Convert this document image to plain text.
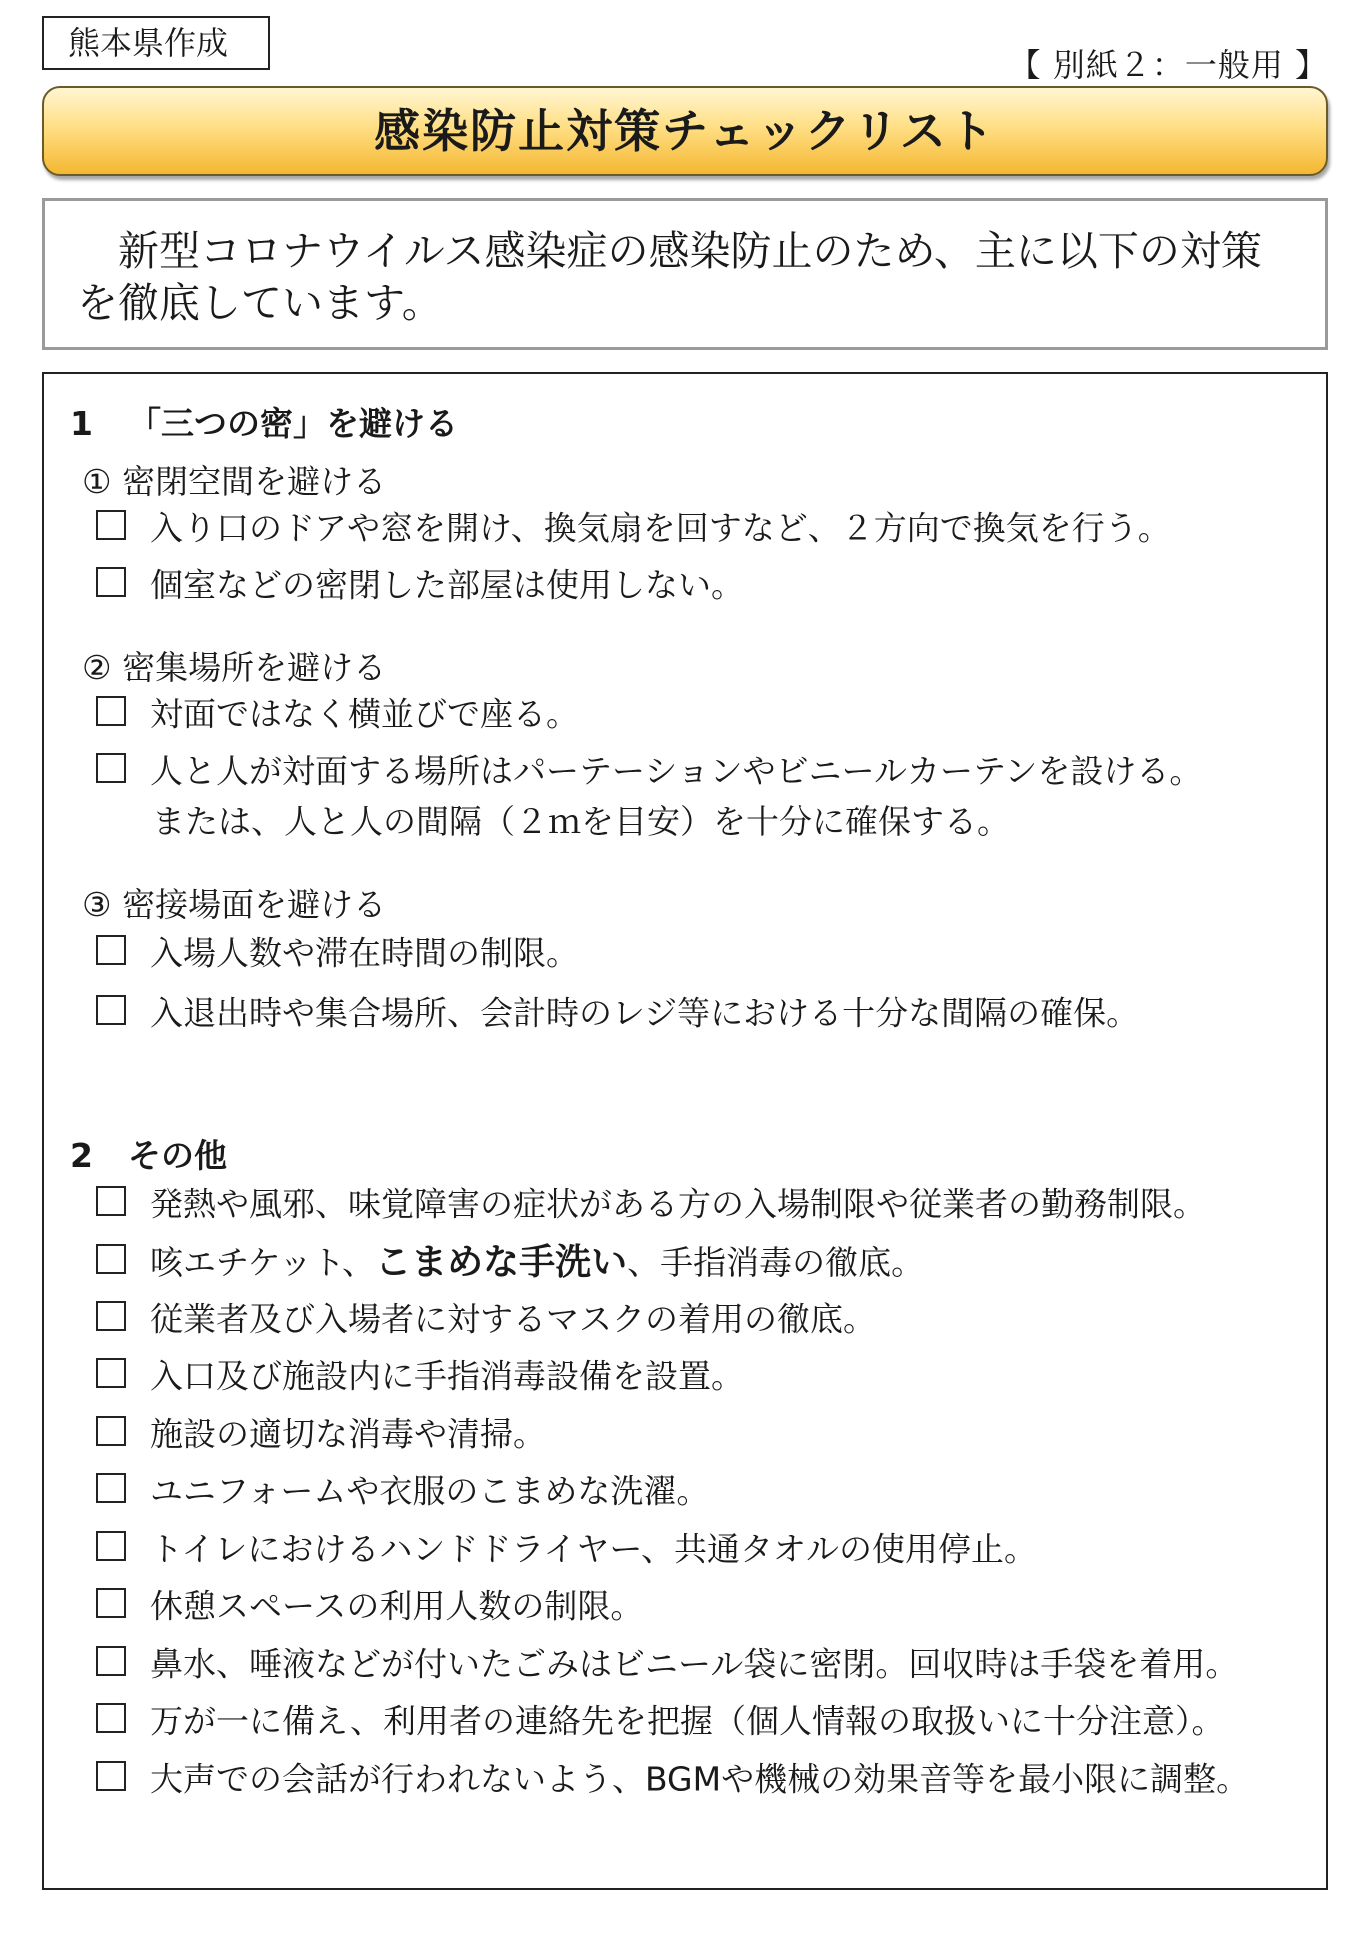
熊本県作成
【 別紙２：一般用 】
感染防止対策チェックリスト
新型コロナウイルス感染症の感染防止のため、主に以下の対策を徹底しています。
1 「三つの密」を避ける
① 密閉空間を避ける
入り口のドアや窓を開け、換気扇を回すなど、２方向で換気を行う。
個室などの密閉した部屋は使用しない。
② 密集場所を避ける
対面ではなく横並びで座る。
人と人が対面する場所はパーテーションやビニールカーテンを設ける。
または、人と人の間隔（２ｍを目安）を十分に確保する。
③ 密接場面を避ける
入場人数や滞在時間の制限。
入退出時や集合場所、会計時のレジ等における十分な間隔の確保。
2 その他
発熱や風邪、味覚障害の症状がある方の入場制限や従業者の勤務制限。
咳エチケット、こまめな手洗い、手指消毒の徹底。
従業者及び入場者に対するマスクの着用の徹底。
入口及び施設内に手指消毒設備を設置。
施設の適切な消毒や清掃。
ユニフォームや衣服のこまめな洗濯。
トイレにおけるハンドドライヤー、共通タオルの使用停止。
休憩スペースの利用人数の制限。
鼻水、唾液などが付いたごみはビニール袋に密閉。回収時は手袋を着用。
万が一に備え、利用者の連絡先を把握（個人情報の取扱いに十分注意）。
大声での会話が行われないよう、BGMや機械の効果音等を最小限に調整。
